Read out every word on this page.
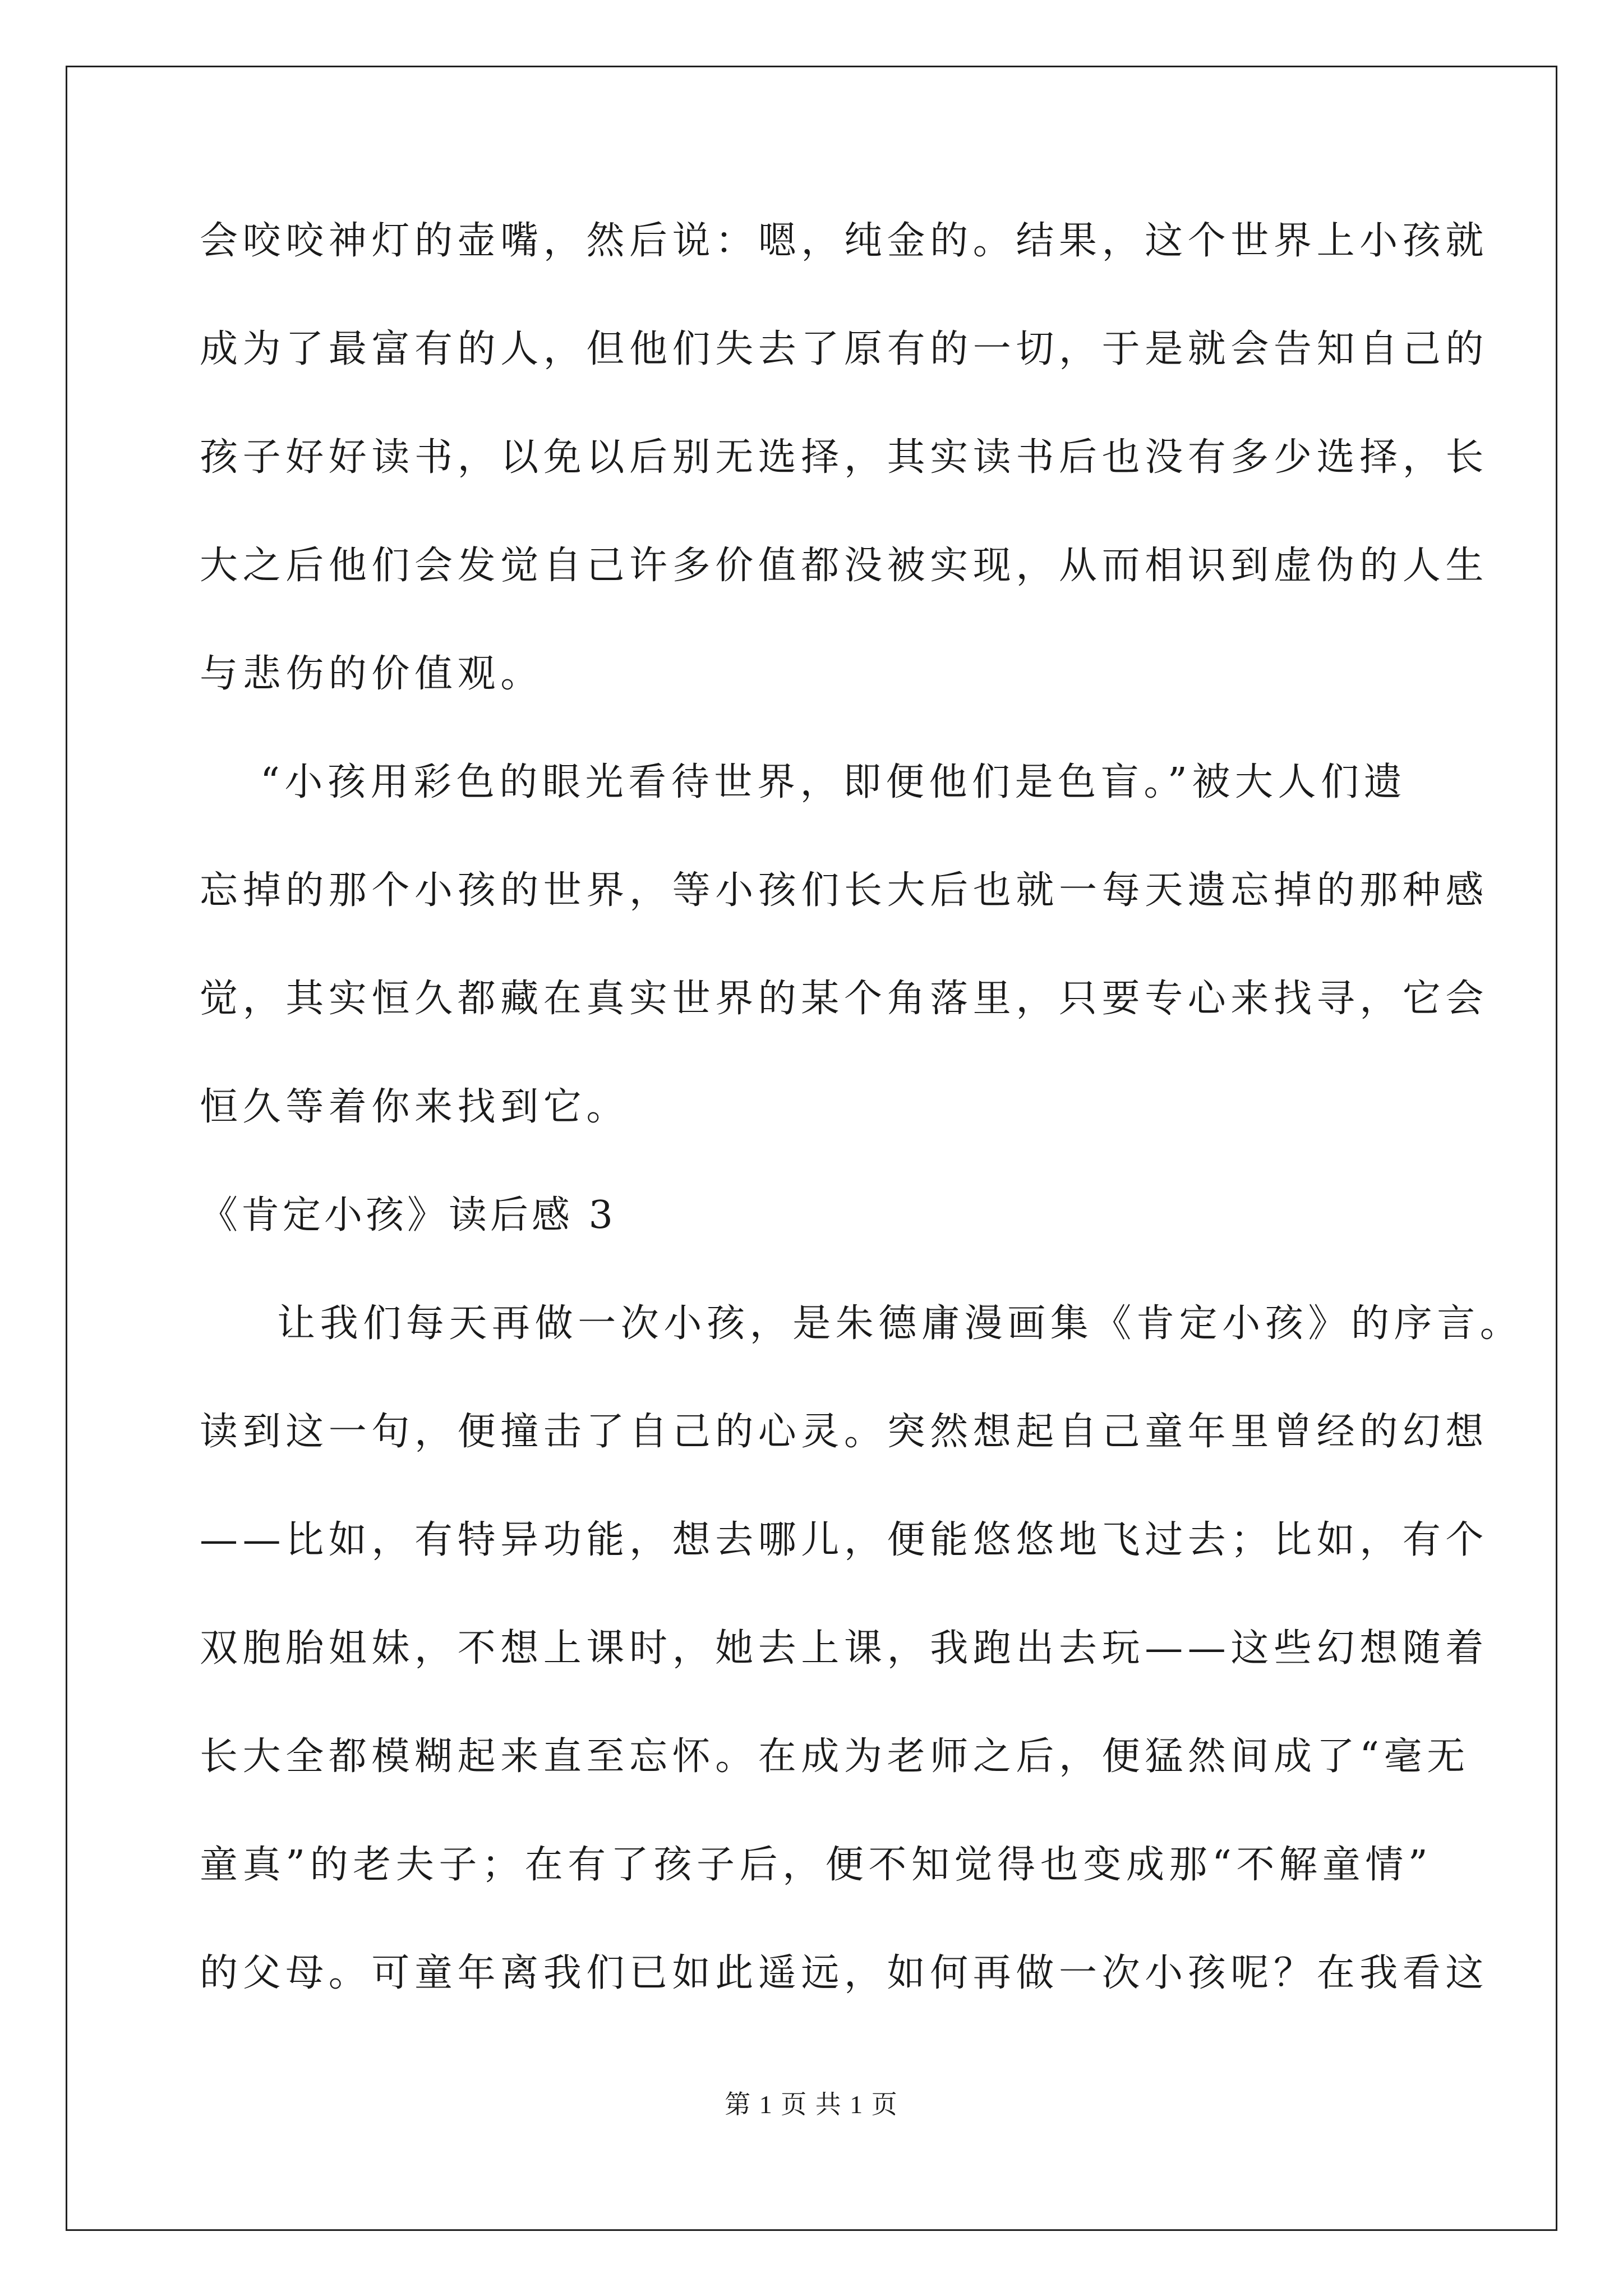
会咬咬神灯的壶嘴，然后说：嗯，纯金的。结果，这个世界上小孩就
成为了最富有的人，但他们失去了原有的一切，于是就会告知自己的
孩子好好读书，以免以后别无选择，其实读书后也没有多少选择，长
大之后他们会发觉自己许多价值都没被实现，从而相识到虚伪的人生
与悲伤的价值观。
“小孩用彩色的眼光看待世界，即便他们是色盲。”被大人们遗
忘掉的那个小孩的世界，等小孩们长大后也就一每天遗忘掉的那种感
觉，其实恒久都藏在真实世界的某个角落里，只要专心来找寻，它会
恒久等着你来找到它。
《肯定小孩》读后感 3
让我们每天再做一次小孩，是朱德庸漫画集《肯定小孩》的序言。
读到这一句，便撞击了自己的心灵。突然想起自己童年里曾经的幻想
——比如，有特异功能，想去哪儿，便能悠悠地飞过去；比如，有个
双胞胎姐妹，不想上课时，她去上课，我跑出去玩——这些幻想随着
长大全都模糊起来直至忘怀。在成为老师之后，便猛然间成了“毫无
童真”的老夫子；在有了孩子后，便不知觉得也变成那“不解童情”
的父母。可童年离我们已如此遥远，如何再做一次小孩呢？在我看这
第 1 页 共 1 页
